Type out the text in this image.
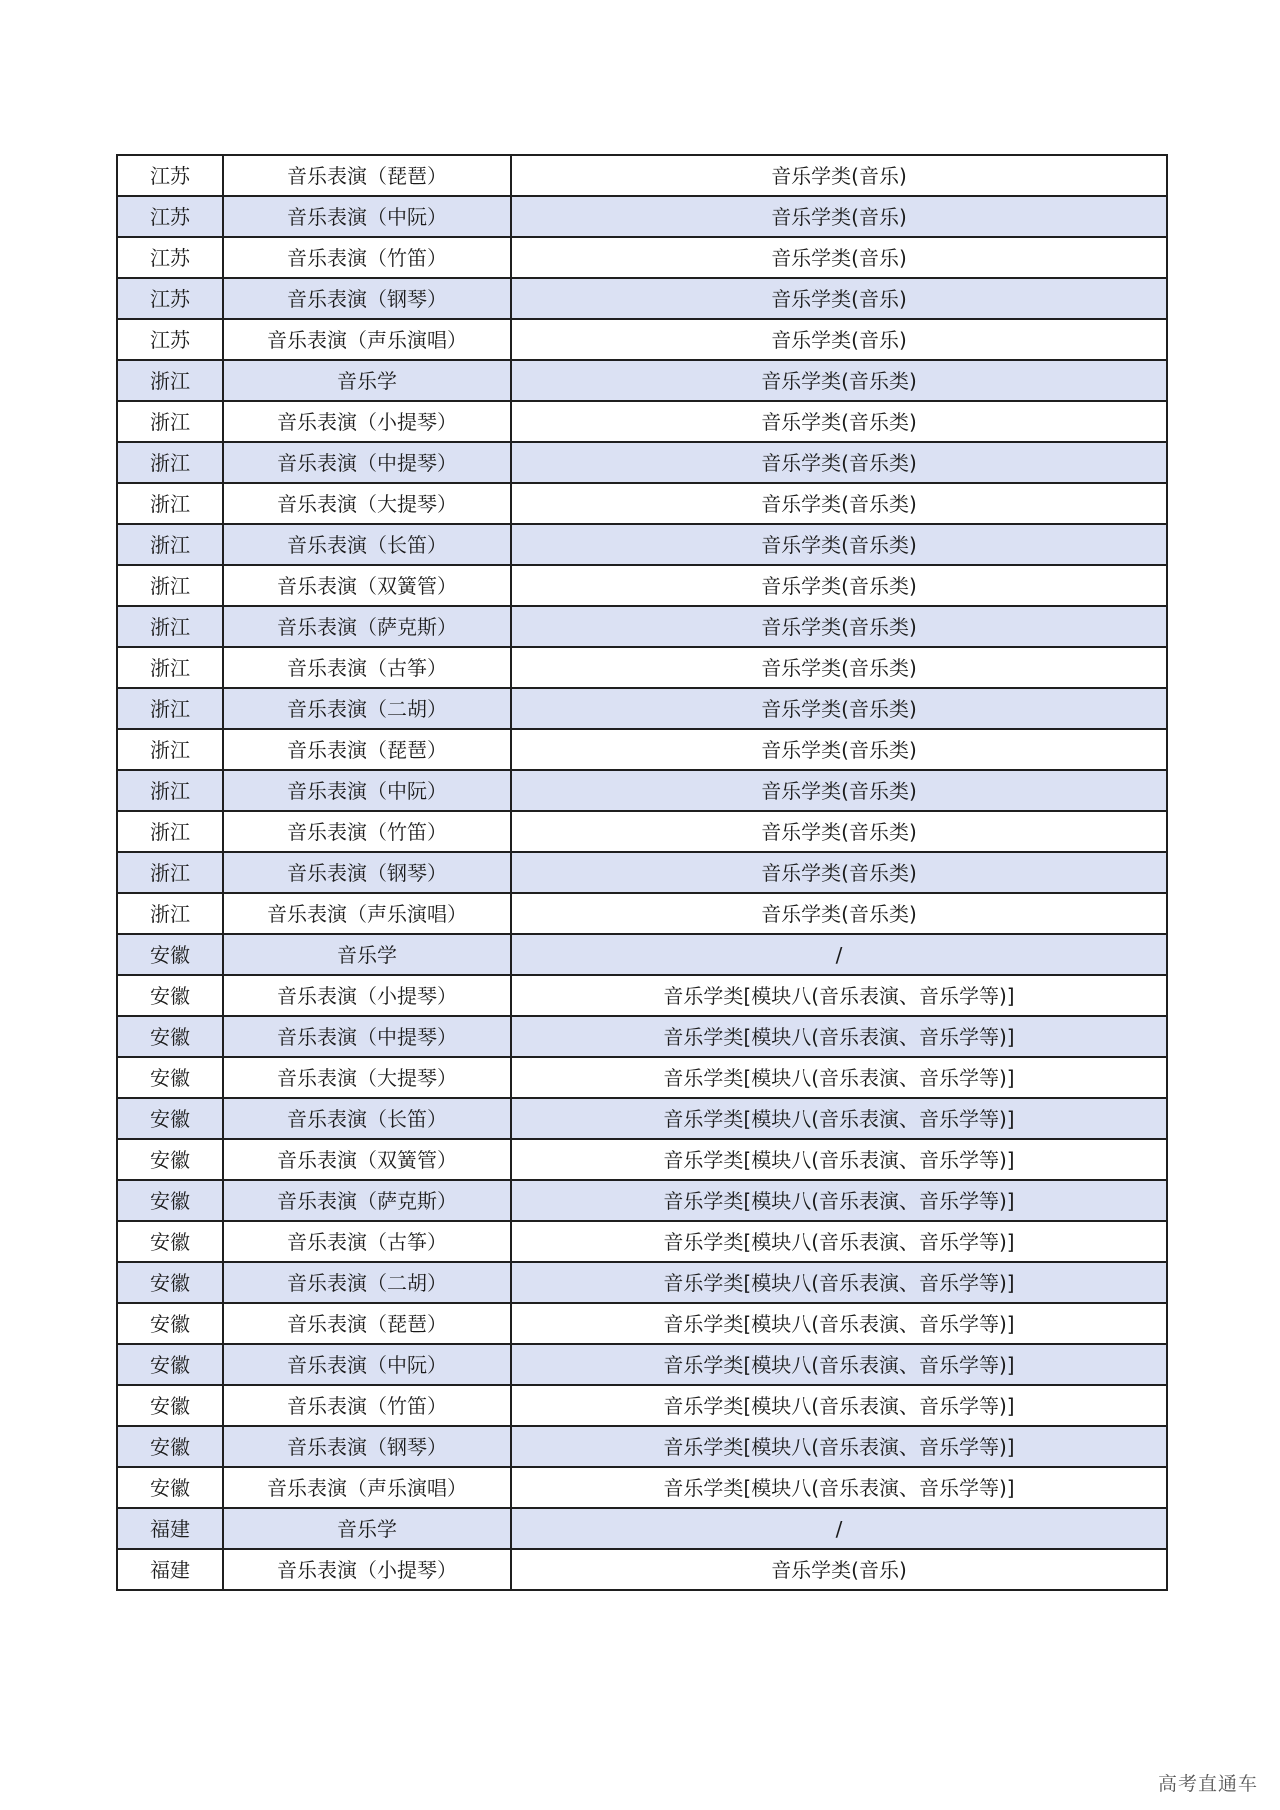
江苏	音乐表演（琵琶）	音乐学类(音乐)
江苏	音乐表演（中阮）	音乐学类(音乐)
江苏	音乐表演（竹笛）	音乐学类(音乐)
江苏	音乐表演（钢琴）	音乐学类(音乐)
江苏	音乐表演（声乐演唱）	音乐学类(音乐)
浙江	音乐学	音乐学类(音乐类)
浙江	音乐表演（小提琴）	音乐学类(音乐类)
浙江	音乐表演（中提琴）	音乐学类(音乐类)
浙江	音乐表演（大提琴）	音乐学类(音乐类)
浙江	音乐表演（长笛）	音乐学类(音乐类)
浙江	音乐表演（双簧管）	音乐学类(音乐类)
浙江	音乐表演（萨克斯）	音乐学类(音乐类)
浙江	音乐表演（古筝）	音乐学类(音乐类)
浙江	音乐表演（二胡）	音乐学类(音乐类)
浙江	音乐表演（琵琶）	音乐学类(音乐类)
浙江	音乐表演（中阮）	音乐学类(音乐类)
浙江	音乐表演（竹笛）	音乐学类(音乐类)
浙江	音乐表演（钢琴）	音乐学类(音乐类)
浙江	音乐表演（声乐演唱）	音乐学类(音乐类)
安徽	音乐学	/
安徽	音乐表演（小提琴）	音乐学类[模块八(音乐表演、音乐学等)]
安徽	音乐表演（中提琴）	音乐学类[模块八(音乐表演、音乐学等)]
安徽	音乐表演（大提琴）	音乐学类[模块八(音乐表演、音乐学等)]
安徽	音乐表演（长笛）	音乐学类[模块八(音乐表演、音乐学等)]
安徽	音乐表演（双簧管）	音乐学类[模块八(音乐表演、音乐学等)]
安徽	音乐表演（萨克斯）	音乐学类[模块八(音乐表演、音乐学等)]
安徽	音乐表演（古筝）	音乐学类[模块八(音乐表演、音乐学等)]
安徽	音乐表演（二胡）	音乐学类[模块八(音乐表演、音乐学等)]
安徽	音乐表演（琵琶）	音乐学类[模块八(音乐表演、音乐学等)]
安徽	音乐表演（中阮）	音乐学类[模块八(音乐表演、音乐学等)]
安徽	音乐表演（竹笛）	音乐学类[模块八(音乐表演、音乐学等)]
安徽	音乐表演（钢琴）	音乐学类[模块八(音乐表演、音乐学等)]
安徽	音乐表演（声乐演唱）	音乐学类[模块八(音乐表演、音乐学等)]
福建	音乐学	/
福建	音乐表演（小提琴）	音乐学类(音乐)
高考直通车
